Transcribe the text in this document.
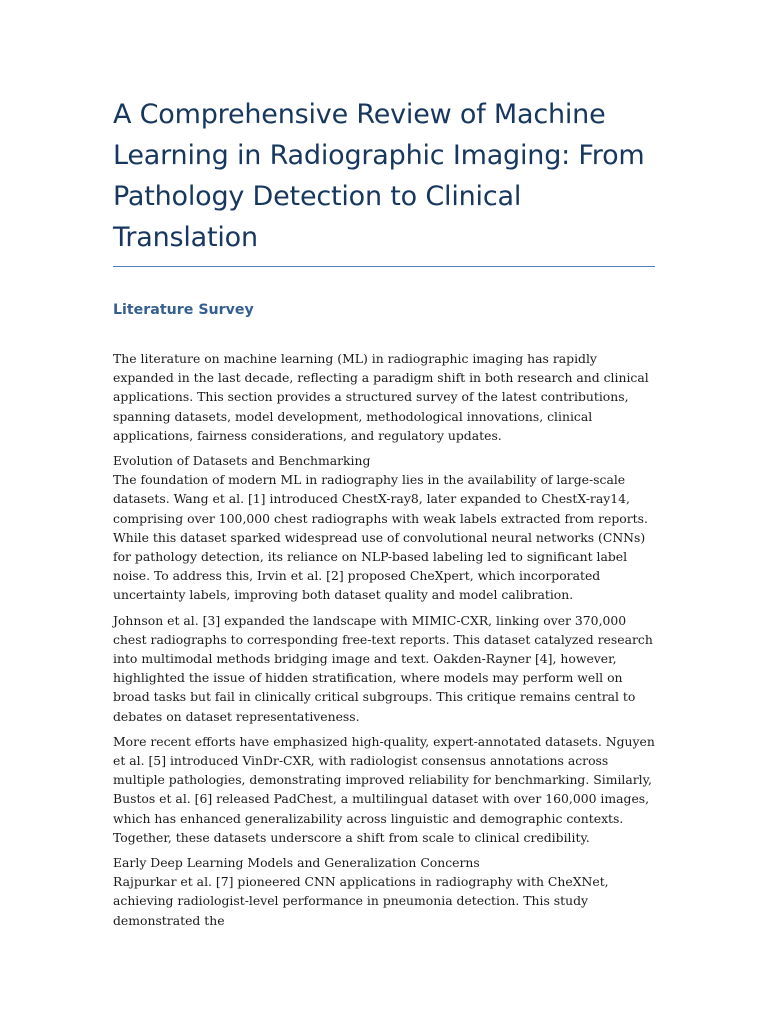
A Comprehensive Review of Machine Learning in Radiographic Imaging: From Pathology Detection to Clinical Translation
Literature Survey

The literature on machine learning (ML) in radiographic imaging has rapidly expanded in the last decade, reflecting a paradigm shift in both research and clinical applications. This section provides a structured survey of the latest contributions, spanning datasets, model development, methodological innovations, clinical applications, fairness considerations, and regulatory updates.

Evolution of Datasets and Benchmarking

The foundation of modern ML in radiography lies in the availability of large-scale datasets. Wang et al. [1] introduced ChestX-ray8, later expanded to ChestX-ray14, comprising over 100,000 chest radiographs with weak labels extracted from reports. While this dataset sparked widespread use of convolutional neural networks (CNNs) for pathology detection, its reliance on NLP-based labeling led to significant label noise. To address this, Irvin et al. [2] proposed CheXpert, which incorporated uncertainty labels, improving both dataset quality and model calibration.

Johnson et al. [3] expanded the landscape with MIMIC-CXR, linking over 370,000 chest radiographs to corresponding free-text reports. This dataset catalyzed research into multimodal methods bridging image and text. Oakden-Rayner [4], however, highlighted the issue of hidden stratification, where models may perform well on broad tasks but fail in clinically critical subgroups. This critique remains central to debates on dataset representativeness.

More recent efforts have emphasized high-quality, expert-annotated datasets. Nguyen et al. [5] introduced VinDr-CXR, with radiologist consensus annotations across multiple pathologies, demonstrating improved reliability for benchmarking. Similarly, Bustos et al. [6] released PadChest, a multilingual dataset with over 160,000 images, which has enhanced generalizability across linguistic and demographic contexts. Together, these datasets underscore a shift from scale to clinical credibility.

Early Deep Learning Models and Generalization Concerns

Rajpurkar et al. [7] pioneered CNN applications in radiography with CheXNet, achieving radiologist-level performance in pneumonia detection. This study demonstrated the
